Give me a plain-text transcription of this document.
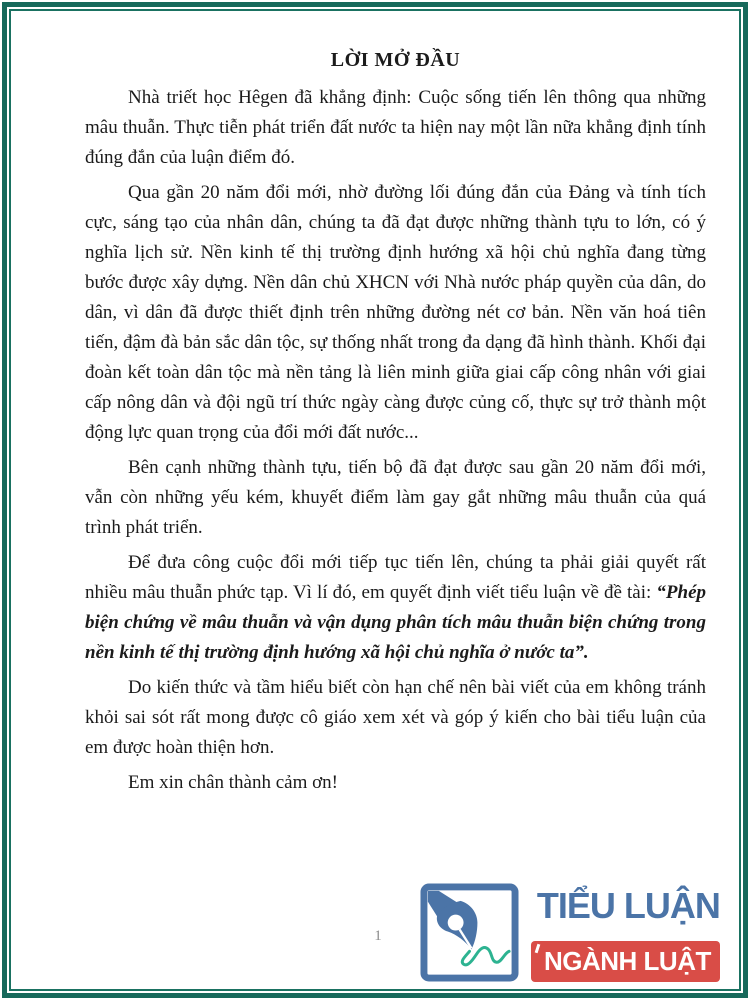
LỜI MỞ ĐẦU

Nhà triết học Hêgen đã khẳng định: Cuộc sống tiến lên thông qua những mâu thuẫn. Thực tiễn phát triển đất nước ta hiện nay một lần nữa khẳng định tính đúng đắn của luận điểm đó.

Qua gần 20 năm đổi mới, nhờ đường lối đúng đắn của Đảng và tính tích cực, sáng tạo của nhân dân, chúng ta đã đạt được những thành tựu to lớn, có ý nghĩa lịch sử. Nền kinh tế thị trường định hướng xã hội chủ nghĩa đang từng bước được xây dựng. Nền dân chủ XHCN với Nhà nước pháp quyền của dân, do dân, vì dân đã được thiết định trên những đường nét cơ bản. Nền văn hoá tiên tiến, đậm đà bản sắc dân tộc, sự thống nhất trong đa dạng đã hình thành. Khối đại đoàn kết toàn dân tộc mà nền tảng là liên minh giữa giai cấp công nhân với giai cấp nông dân và đội ngũ trí thức ngày càng được củng cố, thực sự trở thành một động lực quan trọng của đổi mới đất nước...

Bên cạnh những thành tựu, tiến bộ đã đạt được sau gần 20 năm đổi mới, vẫn còn những yếu kém, khuyết điểm làm gay gắt những mâu thuẫn của quá trình phát triển.

Để đưa công cuộc đổi mới tiếp tục tiến lên, chúng ta phải giải quyết rất nhiều mâu thuẫn phức tạp. Vì lí đó, em quyết định viết tiểu luận về đề tài: “Phép biện chứng về mâu thuẫn và vận dụng phân tích mâu thuẫn biện chứng trong nền kinh tế thị trường định hướng xã hội chủ nghĩa ở nước ta”.

Do kiến thức và tầm hiểu biết còn hạn chế nên bài viết của em không tránh khỏi sai sót rất mong được cô giáo xem xét và góp ý kiến cho bài tiểu luận của em được hoàn thiện hơn.

Em xin chân thành cảm ơn!

1
TIỂU LUẬN
NGÀNH LUẬT
